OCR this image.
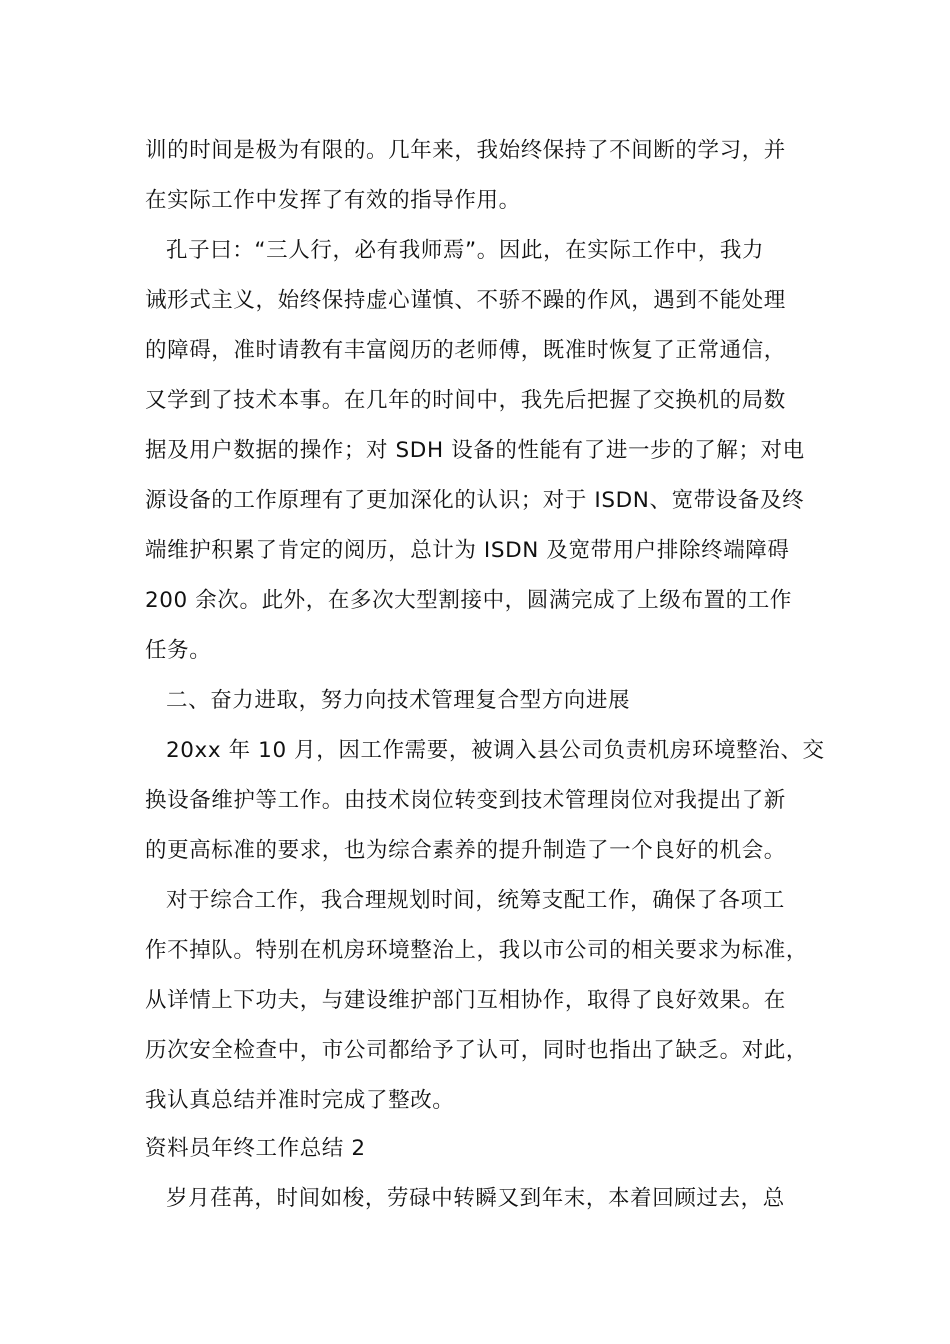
训的时间是极为有限的。几年来，我始终保持了不间断的学习，并
在实际工作中发挥了有效的指导作用。
孔子曰：“三人行，必有我师焉”。因此，在实际工作中，我力
诫形式主义，始终保持虚心谨慎、不骄不躁的作风，遇到不能处理
的障碍，准时请教有丰富阅历的老师傅，既准时恢复了正常通信，
又学到了技术本事。在几年的时间中，我先后把握了交换机的局数
据及用户数据的操作；对 SDH 设备的性能有了进一步的了解；对电
源设备的工作原理有了更加深化的认识；对于 ISDN、宽带设备及终
端维护积累了肯定的阅历，总计为 ISDN 及宽带用户排除终端障碍
200 余次。此外，在多次大型割接中，圆满完成了上级布置的工作
任务。
二、奋力进取，努力向技术管理复合型方向进展
20xx 年 10 月，因工作需要，被调入县公司负责机房环境整治、交
换设备维护等工作。由技术岗位转变到技术管理岗位对我提出了新
的更高标准的要求，也为综合素养的提升制造了一个良好的机会。
对于综合工作，我合理规划时间，统筹支配工作，确保了各项工
作不掉队。特别在机房环境整治上，我以市公司的相关要求为标准，
从详情上下功夫，与建设维护部门互相协作，取得了良好效果。在
历次安全检查中，市公司都给予了认可，同时也指出了缺乏。对此，
我认真总结并准时完成了整改。
资料员年终工作总结 2
岁月荏苒，时间如梭，劳碌中转瞬又到年末，本着回顾过去，总
